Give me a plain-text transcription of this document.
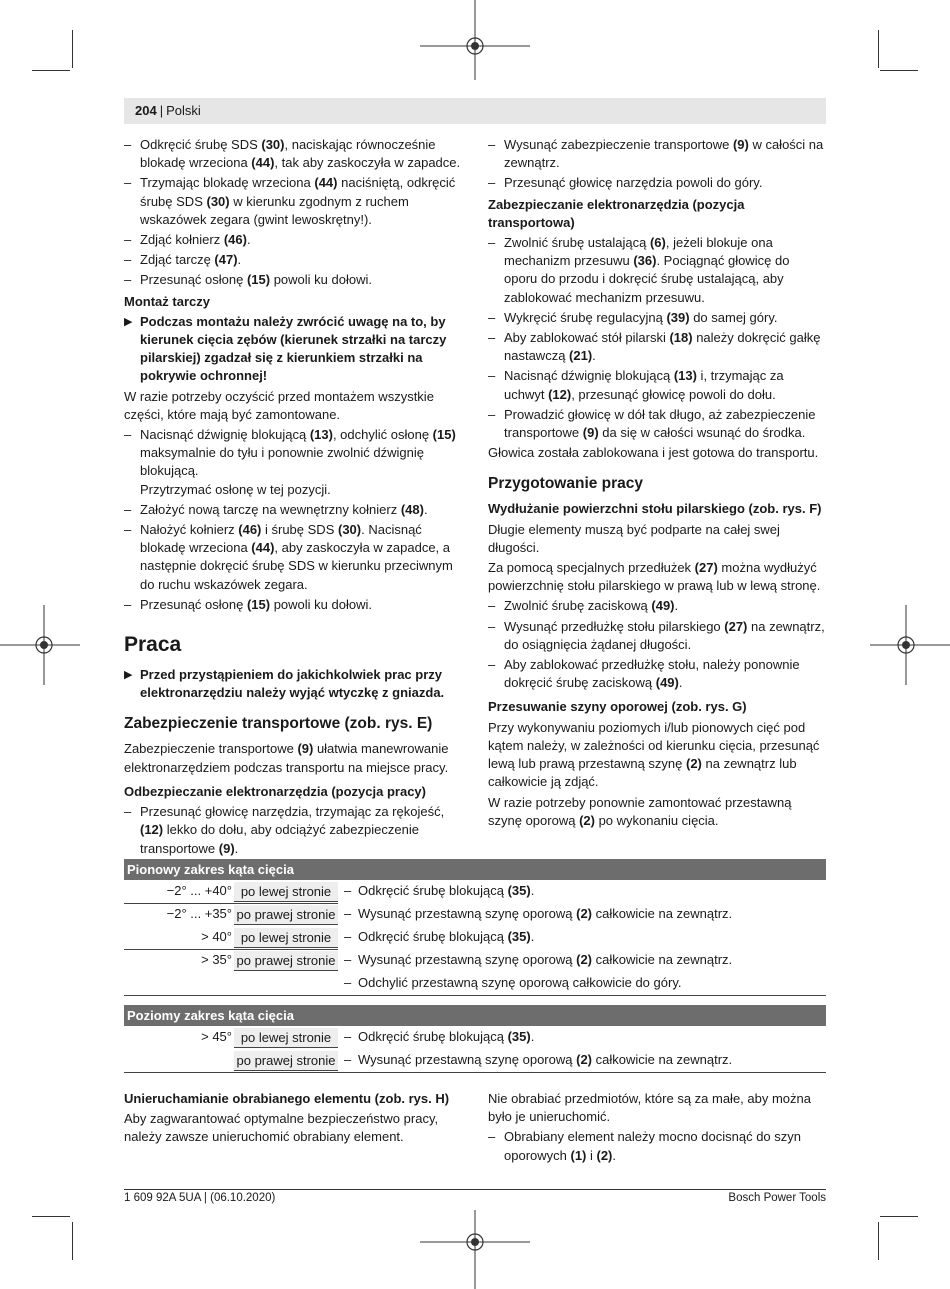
204 | Polski
– Odkręcić śrubę SDS (30), naciskając równocześnie blokadę wrzeciona (44), tak aby zaskoczyła w zapadce.
– Trzymając blokadę wrzeciona (44) naciśniętą, odkręcić śrubę SDS (30) w kierunku zgodnym z ruchem wskazówek zegara (gwint lewoskrętny!).
– Zdjąć kołnierz (46).
– Zdjąć tarczę (47).
– Przesunąć osłonę (15) powoli ku dołowi.
Montaż tarczy
▶ Podczas montażu należy zwrócić uwagę na to, by kierunek cięcia zębów (kierunek strzałki na tarczy pilarskiej) zgadzał się z kierunkiem strzałki na pokrywie ochronnej!
W razie potrzeby oczyścić przed montażem wszystkie części, które mają być zamontowane.
– Nacisnąć dźwignię blokującą (13), odchylić osłonę (15) maksymalnie do tyłu i ponownie zwolnić dźwignię blokującą.
Przytrzymać osłonę w tej pozycji.
– Założyć nową tarczę na wewnętrzny kołnierz (48).
– Nałożyć kołnierz (46) i śrubę SDS (30). Nacisnąć blokadę wrzeciona (44), aby zaskoczyła w zapadce, a następnie dokręcić śrubę SDS w kierunku przeciwnym do ruchu wskazówek zegara.
– Przesunąć osłonę (15) powoli ku dołowi.
Praca
▶ Przed przystąpieniem do jakichkolwiek prac przy elektronarzędziu należy wyjąć wtyczkę z gniazda.
Zabezpieczenie transportowe (zob. rys. E)
Zabezpieczenie transportowe (9) ułatwia manewrowanie elektronarzędziem podczas transportu na miejsce pracy.
Odbezpieczanie elektronarzędzia (pozycja pracy)
– Przesunąć głowicę narzędzia, trzymając za rękojeść, (12) lekko do dołu, aby odciążyć zabezpieczenie transportowe (9).
– Wysunąć zabezpieczenie transportowe (9) w całości na zewnątrz.
– Przesunąć głowicę narzędzia powoli do góry.
Zabezpieczanie elektronarzędzia (pozycja transportowa)
– Zwolnić śrubę ustalającą (6), jeżeli blokuje ona mechanizm przesuwu (36). Pociągnąć głowicę do oporu do przodu i dokręcić śrubę ustalającą, aby zablokować mechanizm przesuwu.
– Wykręcić śrubę regulacyjną (39) do samej góry.
– Aby zablokować stół pilarski (18) należy dokręcić gałkę nastawczą (21).
– Nacisnąć dźwignię blokującą (13) i, trzymając za uchwyt (12), przesunąć głowicę powoli do dołu.
– Prowadzić głowicę w dół tak długo, aż zabezpieczenie transportowe (9) da się w całości wsunąć do środka.
Głowica została zablokowana i jest gotowa do transportu.
Przygotowanie pracy
Wydłużanie powierzchni stołu pilarskiego (zob. rys. F)
Długie elementy muszą być podparte na całej swej długości.
Za pomocą specjalnych przedłużek (27) można wydłużyć powierzchnię stołu pilarskiego w prawą lub w lewą stronę.
– Zwolnić śrubę zaciskową (49).
– Wysunąć przedłużkę stołu pilarskiego (27) na zewnątrz, do osiągnięcia żądanej długości.
– Aby zablokować przedłużkę stołu, należy ponownie dokręcić śrubę zaciskową (49).
Przesuwanie szyny oporowej (zob. rys. G)
Przy wykonywaniu poziomych i/lub pionowych cięć pod kątem należy, w zależności od kierunku cięcia, przesunąć lewą lub prawą przestawną szynę (2) na zewnątrz lub całkowicie ją zdjąć.
W razie potrzeby ponownie zamontować przestawną szynę oporową (2) po wykonaniu cięcia.
Pionowy zakres kąta cięcia
−2° ... +40° po lewej stronie – Odkręcić śrubę blokującą (35).
−2° ... +35° po prawej stronie – Wysunąć przestawną szynę oporową (2) całkowicie na zewnątrz.
> 40° po lewej stronie – Odkręcić śrubę blokującą (35).
> 35° po prawej stronie – Wysunąć przestawną szynę oporową (2) całkowicie na zewnątrz.
– Odchylić przestawną szynę oporową całkowicie do góry.
Poziomy zakres kąta cięcia
> 45° po lewej stronie – Odkręcić śrubę blokującą (35).
po prawej stronie – Wysunąć przestawną szynę oporową (2) całkowicie na zewnątrz.
Unieruchamianie obrabianego elementu (zob. rys. H)
Aby zagwarantować optymalne bezpieczeństwo pracy, należy zawsze unieruchomić obrabiany element.
Nie obrabiać przedmiotów, które są za małe, aby można było je unieruchomić.
– Obrabiany element należy mocno docisnąć do szyn oporowych (1) i (2).
1 609 92A 5UA | (06.10.2020)	Bosch Power Tools
